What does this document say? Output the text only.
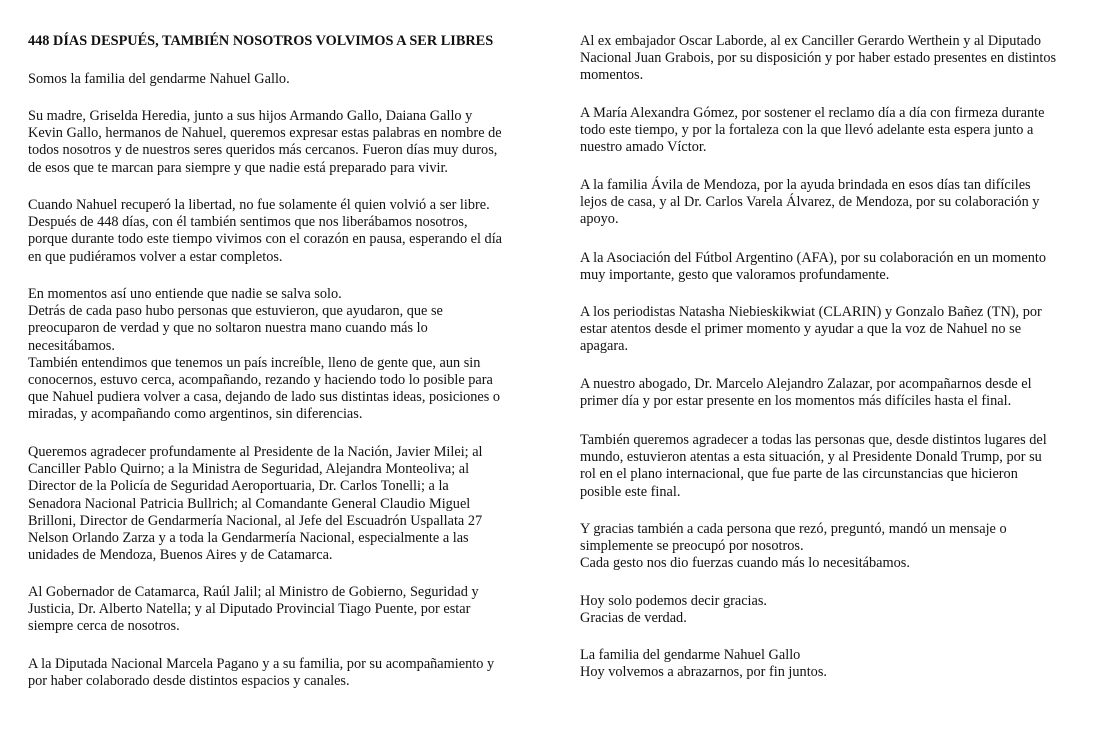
448 DÍAS DESPUÉS, TAMBIÉN NOSOTROS VOLVIMOS A SER LIBRES

Somos la familia del gendarme Nahuel Gallo.

Su madre, Griselda Heredia, junto a sus hijos Armando Gallo, Daiana Gallo y
Kevin Gallo, hermanos de Nahuel, queremos expresar estas palabras en nombre de
todos nosotros y de nuestros seres queridos más cercanos. Fueron días muy duros,
de esos que te marcan para siempre y que nadie está preparado para vivir.

Cuando Nahuel recuperó la libertad, no fue solamente él quien volvió a ser libre.
Después de 448 días, con él también sentimos que nos liberábamos nosotros,
porque durante todo este tiempo vivimos con el corazón en pausa, esperando el día
en que pudiéramos volver a estar completos.

En momentos así uno entiende que nadie se salva solo.
Detrás de cada paso hubo personas que estuvieron, que ayudaron, que se
preocuparon de verdad y que no soltaron nuestra mano cuando más lo
necesitábamos.
También entendimos que tenemos un país increíble, lleno de gente que, aun sin
conocernos, estuvo cerca, acompañando, rezando y haciendo todo lo posible para
que Nahuel pudiera volver a casa, dejando de lado sus distintas ideas, posiciones o
miradas, y acompañando como argentinos, sin diferencias.

Queremos agradecer profundamente al Presidente de la Nación, Javier Milei; al
Canciller Pablo Quirno; a la Ministra de Seguridad, Alejandra Monteoliva; al
Director de la Policía de Seguridad Aeroportuaria, Dr. Carlos Tonelli; a la
Senadora Nacional Patricia Bullrich; al Comandante General Claudio Miguel
Brilloni, Director de Gendarmería Nacional, al Jefe del Escuadrón Uspallata 27
Nelson Orlando Zarza y a toda la Gendarmería Nacional, especialmente a las
unidades de Mendoza, Buenos Aires y de Catamarca.

Al Gobernador de Catamarca, Raúl Jalil; al Ministro de Gobierno, Seguridad y
Justicia, Dr. Alberto Natella; y al Diputado Provincial Tiago Puente, por estar
siempre cerca de nosotros.

A la Diputada Nacional Marcela Pagano y a su familia, por su acompañamiento y
por haber colaborado desde distintos espacios y canales.

Al ex embajador Oscar Laborde, al ex Canciller Gerardo Werthein y al Diputado
Nacional Juan Grabois, por su disposición y por haber estado presentes en distintos
momentos.

A María Alexandra Gómez, por sostener el reclamo día a día con firmeza durante
todo este tiempo, y por la fortaleza con la que llevó adelante esta espera junto a
nuestro amado Víctor.

A la familia Ávila de Mendoza, por la ayuda brindada en esos días tan difíciles
lejos de casa, y al Dr. Carlos Varela Álvarez, de Mendoza, por su colaboración y
apoyo.

A la Asociación del Fútbol Argentino (AFA), por su colaboración en un momento
muy importante, gesto que valoramos profundamente.

A los periodistas Natasha Niebieskikwiat (CLARIN) y Gonzalo Bañez (TN), por
estar atentos desde el primer momento y ayudar a que la voz de Nahuel no se
apagara.

A nuestro abogado, Dr. Marcelo Alejandro Zalazar, por acompañarnos desde el
primer día y por estar presente en los momentos más difíciles hasta el final.

También queremos agradecer a todas las personas que, desde distintos lugares del
mundo, estuvieron atentas a esta situación, y al Presidente Donald Trump, por su
rol en el plano internacional, que fue parte de las circunstancias que hicieron
posible este final.

Y gracias también a cada persona que rezó, preguntó, mandó un mensaje o
simplemente se preocupó por nosotros.
Cada gesto nos dio fuerzas cuando más lo necesitábamos.

Hoy solo podemos decir gracias.
Gracias de verdad.

La familia del gendarme Nahuel Gallo
Hoy volvemos a abrazarnos, por fin juntos.
